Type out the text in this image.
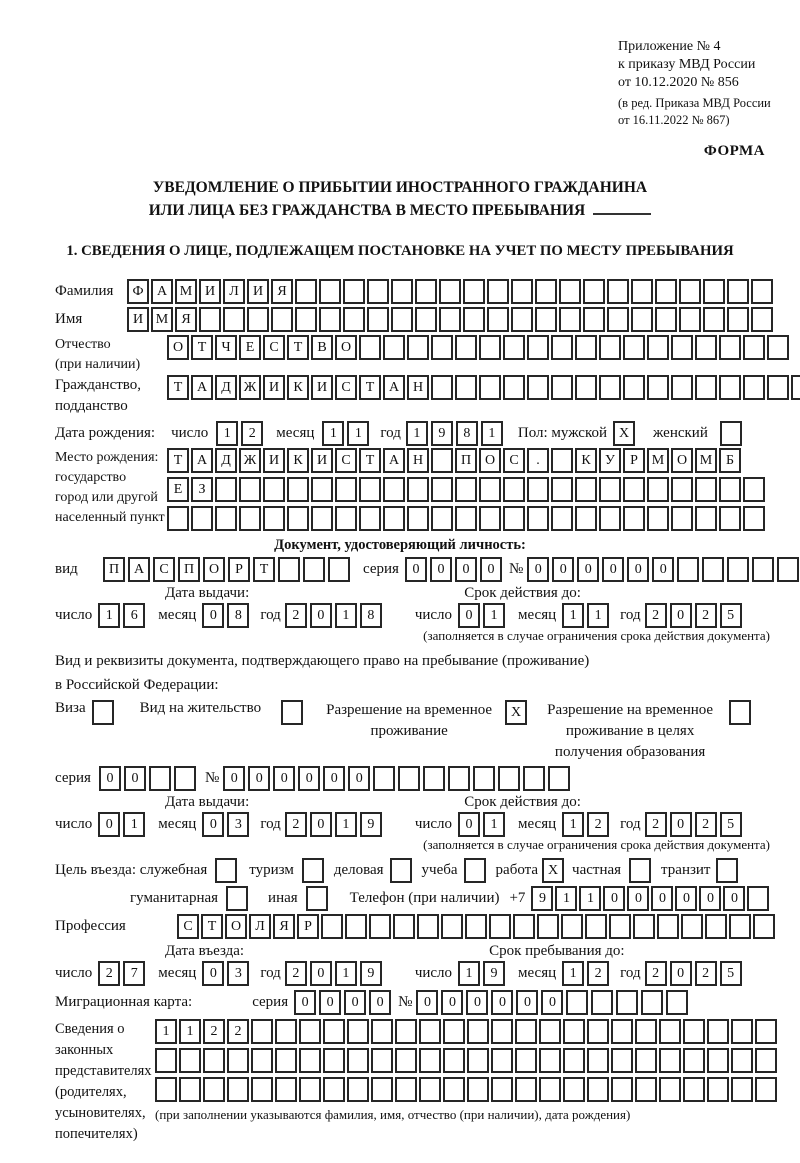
Приложение № 4
к приказу МВД России
от 10.12.2020 № 856
(в ред. Приказа МВД России
от 16.11.2022 № 867)
ФОРМА
УВЕДОМЛЕНИЕ О ПРИБЫТИИ ИНОСТРАННОГО ГРАЖДАНИНА
ИЛИ ЛИЦА БЕЗ ГРАЖДАНСТВА В МЕСТО ПРЕБЫВАНИЯ
1. СВЕДЕНИЯ О ЛИЦЕ, ПОДЛЕЖАЩЕМ ПОСТАНОВКЕ НА УЧЕТ ПО МЕСТУ ПРЕБЫВАНИЯ
Фамилия	Ф А М И	Л	И	Я
Имя	И М Я
Отчество
(при наличии)
О	Т	Ч	Е	С	Т	В	О
Гражданство,
подданство
Т	А	Д Ж И	К	И	С	Т	А Н
Дата рождения: число	1	2	месяц	1	1	год 1	9	8	1	Пол: мужской X	женский
Место рождения:
государство
город или другой
населенный пункт
Т	А	Д Ж И	К	И	С	Т	А Н	П О	С	.	К	У	Р М О М Б
Е	З
Документ, удостоверяющий личность:
вид	П	А	С	П	О	Р	Т	серия 0	0	0	0 № 0	0	0	0	0	0
Дата выдачи:	Срок действия до:
число 1	6	месяц 0	8	год 2	0	1	8	число 0	1	месяц 1	1	год 2	0	2	5
(заполняется в случае ограничения срока действия документа)
Вид и реквизиты документа, подтверждающего право на пребывание (проживание)
в Российской Федерации:
Виза	Вид на жительство	Разрешение на временное проживание
X	Разрешение на временное проживание в целях получения образования
серия	0	0	№ 0	0	0	0	0	0
Дата выдачи:	Срок действия до:
число 0	1	месяц 0	3	год 2	0	1	9	число 0	1	месяц 1	2	год 2	0	2	5
(заполняется в случае ограничения срока действия документа)
Цель въезда: служебная	туризм	деловая	учеба	работа X частная	транзит
гуманитарная	иная	Телефон (при наличии) +7 9	1	1	0	0	0	0	0	0
Профессия	С	Т	О	Л	Я	Р
Дата въезда:	Срок пребывания до:
число 2	7	месяц 0	3	год 2	0	1	9	число 1	9	месяц 1	2	год 2	0	2	5
Миграционная карта:	серия 0	0	0	0 № 0	0	0	0	0	0
Сведения о
законных
представителях
(родителях,
усыновителях,
попечителях)
1	1	2	2
(при заполнении указываются фамилия, имя, отчество (при наличии), дата рождения)
